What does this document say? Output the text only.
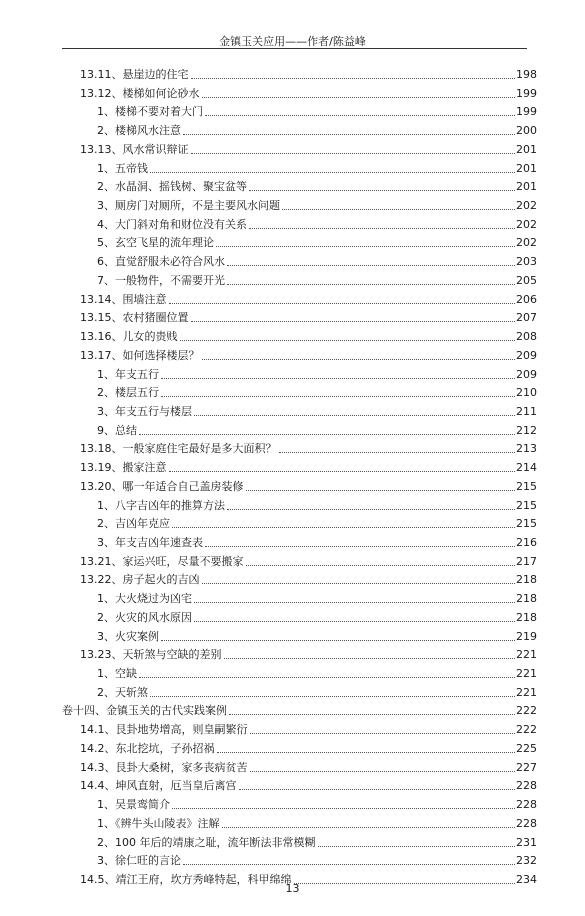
金镇玉关应用——作者/陈益峰
13.11、悬崖边的住宅	198
13.12、楼梯如何论砂水	199
1、楼梯不要对着大门	199
2、楼梯风水注意	200
13.13、风水常识辩证	201
1、五帝钱	201
2、水晶洞、摇钱树、聚宝盆等	201
3、厕房门对厕所，不是主要风水问题	202
4、大门斜对角和财位没有关系	202
5、玄空飞星的流年理论	202
6、直觉舒服未必符合风水	203
7、一般物件，不需要开光	205
13.14、围墙注意	206
13.15、农村猪圈位置	207
13.16、儿女的贵贱	208
13.17、如何选择楼层？	209
1、年支五行	209
2、楼层五行	210
3、年支五行与楼层	211
9、总结	212
13.18、一般家庭住宅最好是多大面积？	213
13.19、搬家注意	214
13.20、哪一年适合自己盖房装修	215
1、八字吉凶年的推算方法	215
2、吉凶年克应	215
3、年支吉凶年速查表	216
13.21、家运兴旺，尽量不要搬家	217
13.22、房子起火的吉凶	218
1、大火烧过为凶宅	218
2、火灾的风水原因	218
3、火灾案例	219
13.23、天斩煞与空缺的差别	221
1、空缺	221
2、天斩煞	221
卷十四、金镇玉关的古代实践案例	222
14.1、艮卦地势增高，则皇嗣繁衍	222
14.2、东北挖坑，子孙招祸	225
14.3、艮卦大桑树，家多丧病贫苦	227
14.4、坤风直射，厄当皇后离宫	228
1、吴景鸾简介	228
1、《辨牛头山陵表》注解	228
2、100 年后的靖康之耻，流年断法非常模糊	231
3、徐仁旺的言论	232
14.5、靖江王府，坎方秀峰特起，科甲绵绵	234
13
